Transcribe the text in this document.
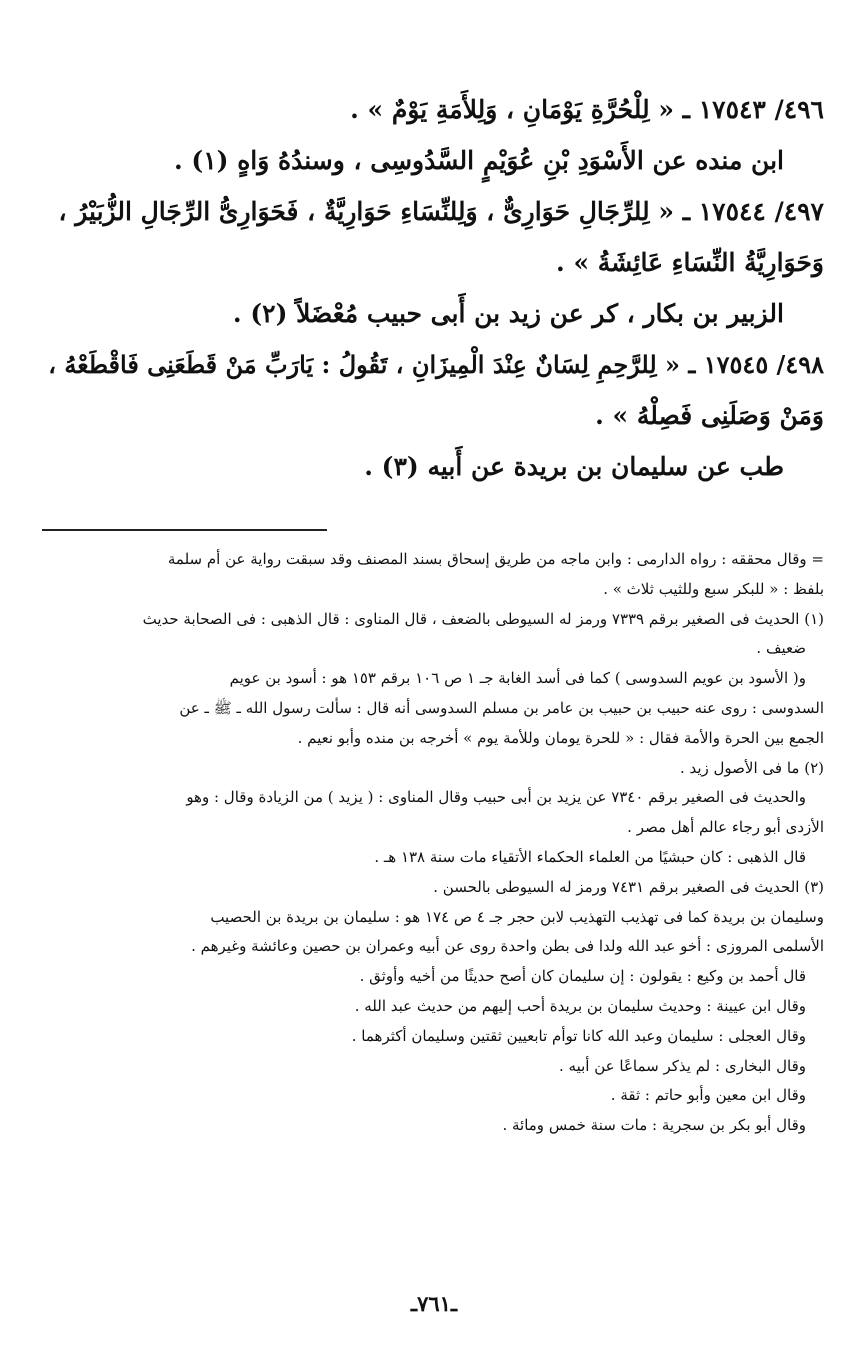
٤٩٦/ ١٧٥٤٣ ـ « لِلْحُرَّةِ يَوْمَانِ ، وَلِلأَمَةِ يَوْمٌ » .

ابن منده عن الأَسْوَدِ بْنِ عُوَيْمٍ السَّدُوسِى ، وسندُهُ وَاهٍ (١) .

٤٩٧/ ١٧٥٤٤ ـ « لِلرِّجَالِ حَوَارِىٌّ ، وَلِلنِّسَاءِ حَوَارِيَّةٌ ، فَحَوَارِىُّ الرِّجَالِ الزُّبَيْرُ ،

وَحَوَارِيَّةُ النِّسَاءِ عَائِشَةُ » .

الزبير بن بكار ، كر عن زيد بن أَبى حبيب مُعْضَلاً (٢) .

٤٩٨/ ١٧٥٤٥ ـ « لِلرَّحِمِ لِسَانٌ عِنْدَ الْمِيزَانِ ، تَقُولُ : يَارَبِّ مَنْ قَطَعَنِى فَاقْطَعْهُ ،

وَمَنْ وَصَلَنِى فَصِلْهُ » .

طب عن سليمان بن بريدة عن أَبيه (٣) .

= وقال محققه : رواه الدارمى : وابن ماجه من طريق إسحاق بسند المصنف وقد سبقت رواية عن أم سلمة

بلفظ : « للبكر سبع وللثيب ثلاث » .

(١) الحديث فى الصغير برقم ٧٣٣٩ ورمز له السيوطى بالضعف ، قال المناوى : قال الذهبى : فى الصحابة حديث

ضعيف .

و( الأسود بن عويم السدوسى ) كما فى أسد الغابة جـ ١ ص ١٠٦ برقم ١٥٣ هو : أسود بن عويم

السدوسى : روى عنه حبيب بن حبيب بن عامر بن مسلم السدوسى أنه قال : سألت رسول الله ـ ﷺ ـ عن

الجمع بين الحرة والأمة فقال : « للحرة يومان وللأمة يوم » أخرجه بن منده وأبو نعيم .

(٢) ما فى الأصول زيد .

والحديث فى الصغير برقم ٧٣٤٠ عن يزيد بن أبى حبيب وقال المناوى : ( يزيد ) من الزيادة وقال : وهو

الأزدى أبو رجاء عالم أهل مصر .

قال الذهبى : كان حبشيًا من العلماء الحكماء الأتقياء مات سنة ١٣٨ هـ .

(٣) الحديث فى الصغير برقم ٧٤٣١ ورمز له السيوطى بالحسن .

وسليمان بن بريدة كما فى تهذيب التهذيب لابن حجر جـ ٤ ص ١٧٤ هو : سليمان بن بريدة بن الحصيب

الأسلمى المروزى : أخو عبد الله ولدا فى بطن واحدة روى عن أبيه وعمران بن حصين وعائشة وغيرهم .

قال أحمد بن وكيع : يقولون : إن سليمان كان أصح حديثًا من أخيه وأوثق .

وقال ابن عيينة : وحديث سليمان بن بريدة أحب إليهم من حديث عبد الله .

وقال العجلى : سليمان وعبد الله كانا توأم تابعيين ثقتين وسليمان أكثرهما .

وقال البخارى : لم يذكر سماعًا عن أبيه .

وقال ابن معين وأبو حاتم : ثقة .

وقال أبو بكر بن سجرية : مات سنة خمس ومائة .

ـ٧٦١ـ
